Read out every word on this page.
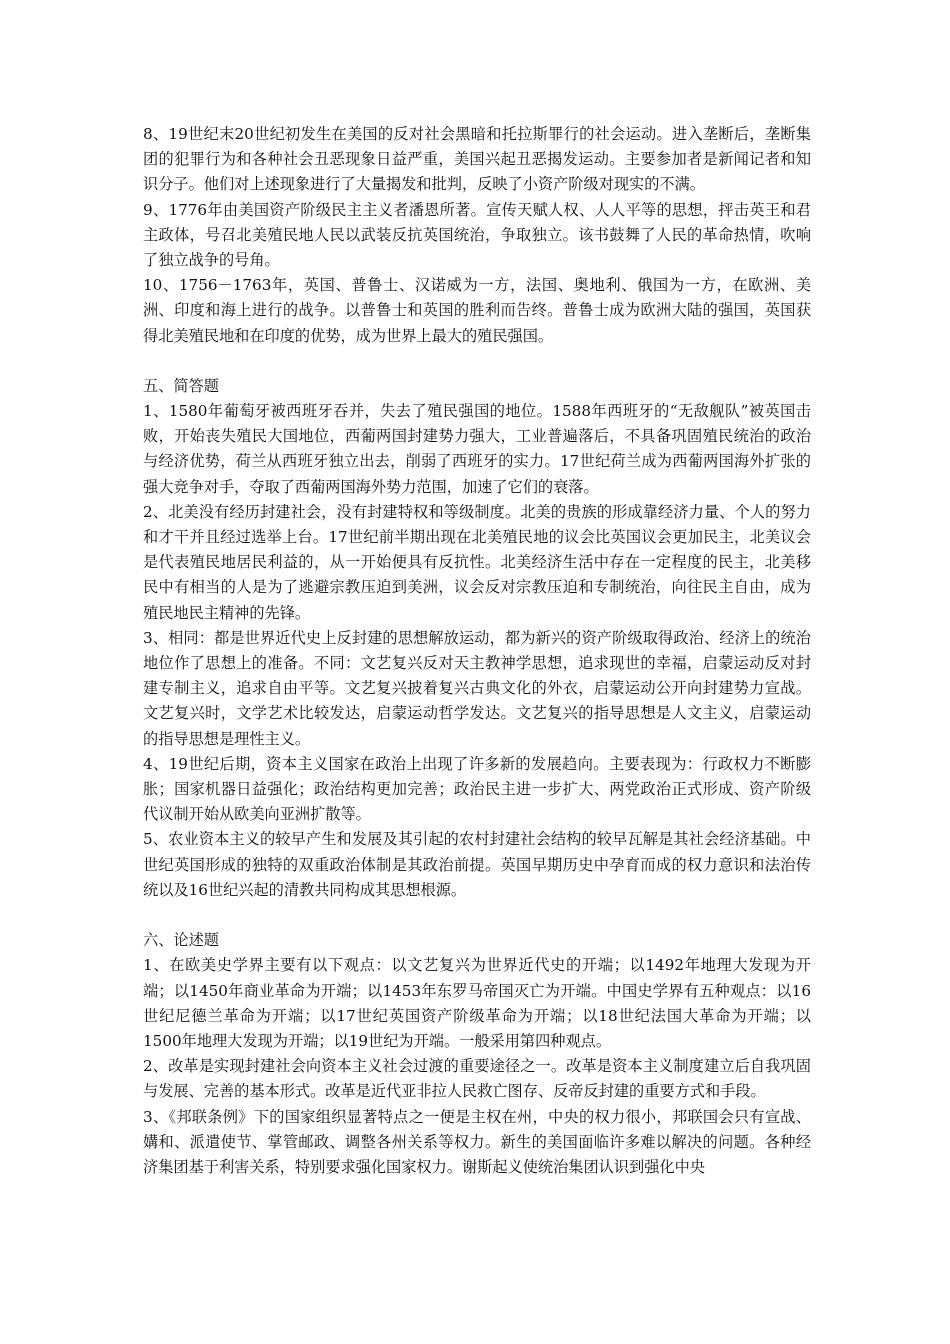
8、19世纪末20世纪初发生在美国的反对社会黑暗和托拉斯罪行的社会运动。进入垄断后，垄断集团的犯罪行为和各种社会丑恶现象日益严重，美国兴起丑恶揭发运动。主要参加者是新闻记者和知识分子。他们对上述现象进行了大量揭发和批判，反映了小资产阶级对现实的不满。

9、1776年由美国资产阶级民主主义者潘恩所著。宣传天赋人权、人人平等的思想，抨击英王和君主政体，号召北美殖民地人民以武装反抗英国统治，争取独立。该书鼓舞了人民的革命热情，吹响了独立战争的号角。

10、1756－1763年，英国、普鲁士、汉诺威为一方，法国、奥地利、俄国为一方，在欧洲、美洲、印度和海上进行的战争。以普鲁士和英国的胜利而告终。普鲁士成为欧洲大陆的强国，英国获得北美殖民地和在印度的优势，成为世界上最大的殖民强国。

五、简答题

1、1580年葡萄牙被西班牙吞并，失去了殖民强国的地位。1588年西班牙的“无敌舰队”被英国击败，开始丧失殖民大国地位，西葡两国封建势力强大，工业普遍落后，不具备巩固殖民统治的政治与经济优势，荷兰从西班牙独立出去，削弱了西班牙的实力。17世纪荷兰成为西葡两国海外扩张的强大竞争对手，夺取了西葡两国海外势力范围，加速了它们的衰落。

2、北美没有经历封建社会，没有封建特权和等级制度。北美的贵族的形成靠经济力量、个人的努力和才干并且经过选举上台。17世纪前半期出现在北美殖民地的议会比英国议会更加民主，北美议会是代表殖民地居民利益的，从一开始便具有反抗性。北美经济生活中存在一定程度的民主，北美移民中有相当的人是为了逃避宗教压迫到美洲，议会反对宗教压迫和专制统治，向往民主自由，成为殖民地民主精神的先锋。

3、相同：都是世界近代史上反封建的思想解放运动，都为新兴的资产阶级取得政治、经济上的统治地位作了思想上的准备。不同：文艺复兴反对天主教神学思想，追求现世的幸福，启蒙运动反对封建专制主义，追求自由平等。文艺复兴披着复兴古典文化的外衣，启蒙运动公开向封建势力宣战。文艺复兴时，文学艺术比较发达，启蒙运动哲学发达。文艺复兴的指导思想是人文主义，启蒙运动的指导思想是理性主义。

4、19世纪后期，资本主义国家在政治上出现了许多新的发展趋向。主要表现为：行政权力不断膨胀；国家机器日益强化；政治结构更加完善；政治民主进一步扩大、两党政治正式形成、资产阶级代议制开始从欧美向亚洲扩散等。

5、农业资本主义的较早产生和发展及其引起的农村封建社会结构的较早瓦解是其社会经济基础。中世纪英国形成的独特的双重政治体制是其政治前提。英国早期历史中孕育而成的权力意识和法治传统以及16世纪兴起的清教共同构成其思想根源。

六、论述题

1、在欧美史学界主要有以下观点：以文艺复兴为世界近代史的开端；以1492年地理大发现为开端；以1450年商业革命为开端；以1453年东罗马帝国灭亡为开端。中国史学界有五种观点：以16世纪尼德兰革命为开端；以17世纪英国资产阶级革命为开端；以18世纪法国大革命为开端；以1500年地理大发现为开端；以19世纪为开端。一般采用第四种观点。

2、改革是实现封建社会向资本主义社会过渡的重要途径之一。改革是资本主义制度建立后自我巩固与发展、完善的基本形式。改革是近代亚非拉人民救亡图存、反帝反封建的重要方式和手段。

3、《邦联条例》下的国家组织显著特点之一便是主权在州，中央的权力很小，邦联国会只有宣战、媾和、派遣使节、掌管邮政、调整各州关系等权力。新生的美国面临许多难以解决的问题。各种经济集团基于利害关系，特别要求强化国家权力。谢斯起义使统治集团认识到强化中央
